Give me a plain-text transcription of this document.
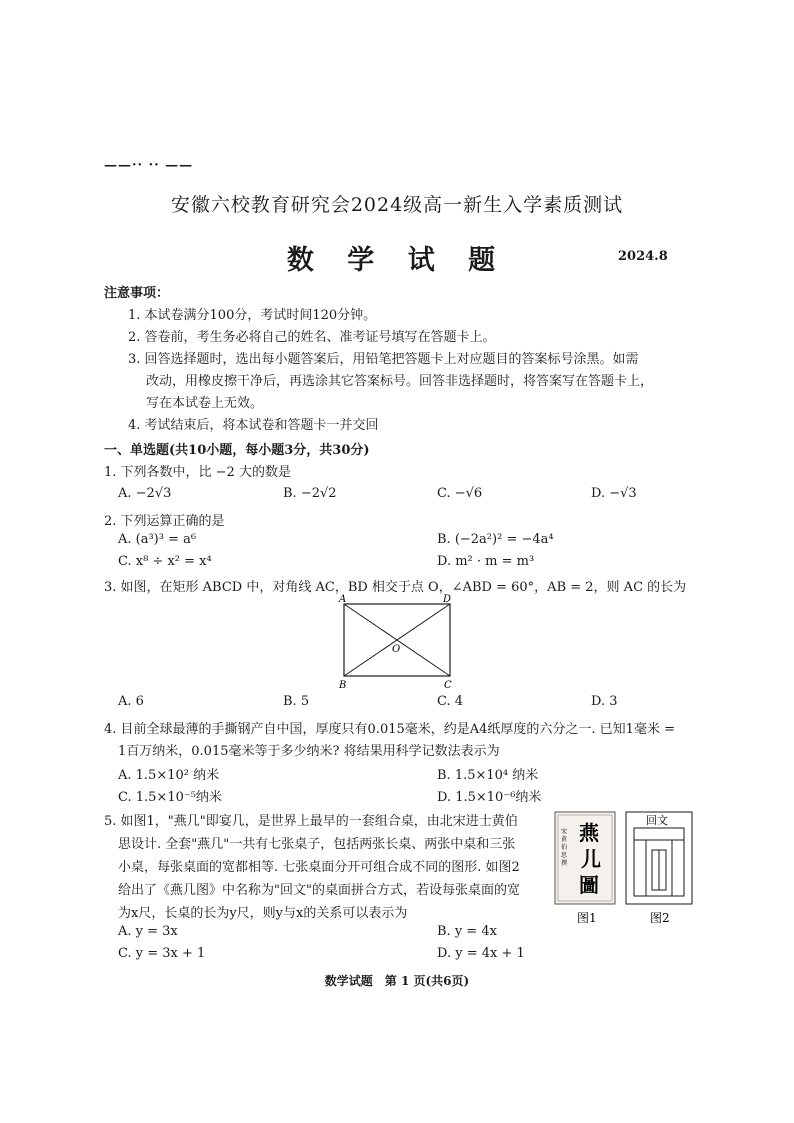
——·· ·· ——
安徽六校教育研究会2024级高一新生入学素质测试
数 学 试 题	2024.8
注意事项：
1. 本试卷满分100分，考试时间120分钟。
2. 答卷前，考生务必将自己的姓名、准考证号填写在答题卡上。
3. 回答选择题时，选出每小题答案后，用铅笔把答题卡上对应题目的答案标号涂黑。如需
改动，用橡皮擦干净后，再选涂其它答案标号。回答非选择题时，将答案写在答题卡上，
写在本试卷上无效。
4. 考试结束后，将本试卷和答题卡一并交回
一、单选题(共10小题，每小题3分，共30分)
1. 下列各数中，比 −2 大的数是
A. −2√3	B. −2√2	C. −√6	D. −√3
2. 下列运算正确的是
A. (a³)³ = a⁶	B. (−2a²)² = −4a⁴
C. x⁸ ÷ x² = x⁴	D. m² · m = m³
3. 如图，在矩形 ABCD 中，对角线 AC，BD 相交于点 O，∠ABD = 60°，AB = 2，则 AC 的长为
A	D
B	C
O
A. 6	B. 5	C. 4	D. 3
4. 目前全球最薄的手撕钢产自中国，厚度只有0.015毫米，约是A4纸厚度的六分之一. 已知1毫米 =
1百万纳米，0.015毫米等于多少纳米? 将结果用科学记数法表示为
A. 1.5×10² 纳米	B. 1.5×10⁴ 纳米
C. 1.5×10⁻⁵纳米	D. 1.5×10⁻⁶纳米
5. 如图1，"燕几"即宴几，是世界上最早的一套组合桌，由北宋进士黄伯
思设计. 全套"燕几"一共有七张桌子，包括两张长桌、两张中桌和三张
小桌，每张桌面的宽都相等. 七张桌面分开可组合成不同的图形. 如图2
给出了《燕几图》中名称为"回文"的桌面拼合方式，若设每张桌面的宽
为x尺，长桌的长为y尺，则y与x的关系可以表示为
A. y = 3x	B. y = 4x
C. y = 3x + 1	D. y = 4x + 1
宋 黄 伯 思 撰 燕
儿
圖
图1
回文
图2
数学试题　第 1 页(共6页)
